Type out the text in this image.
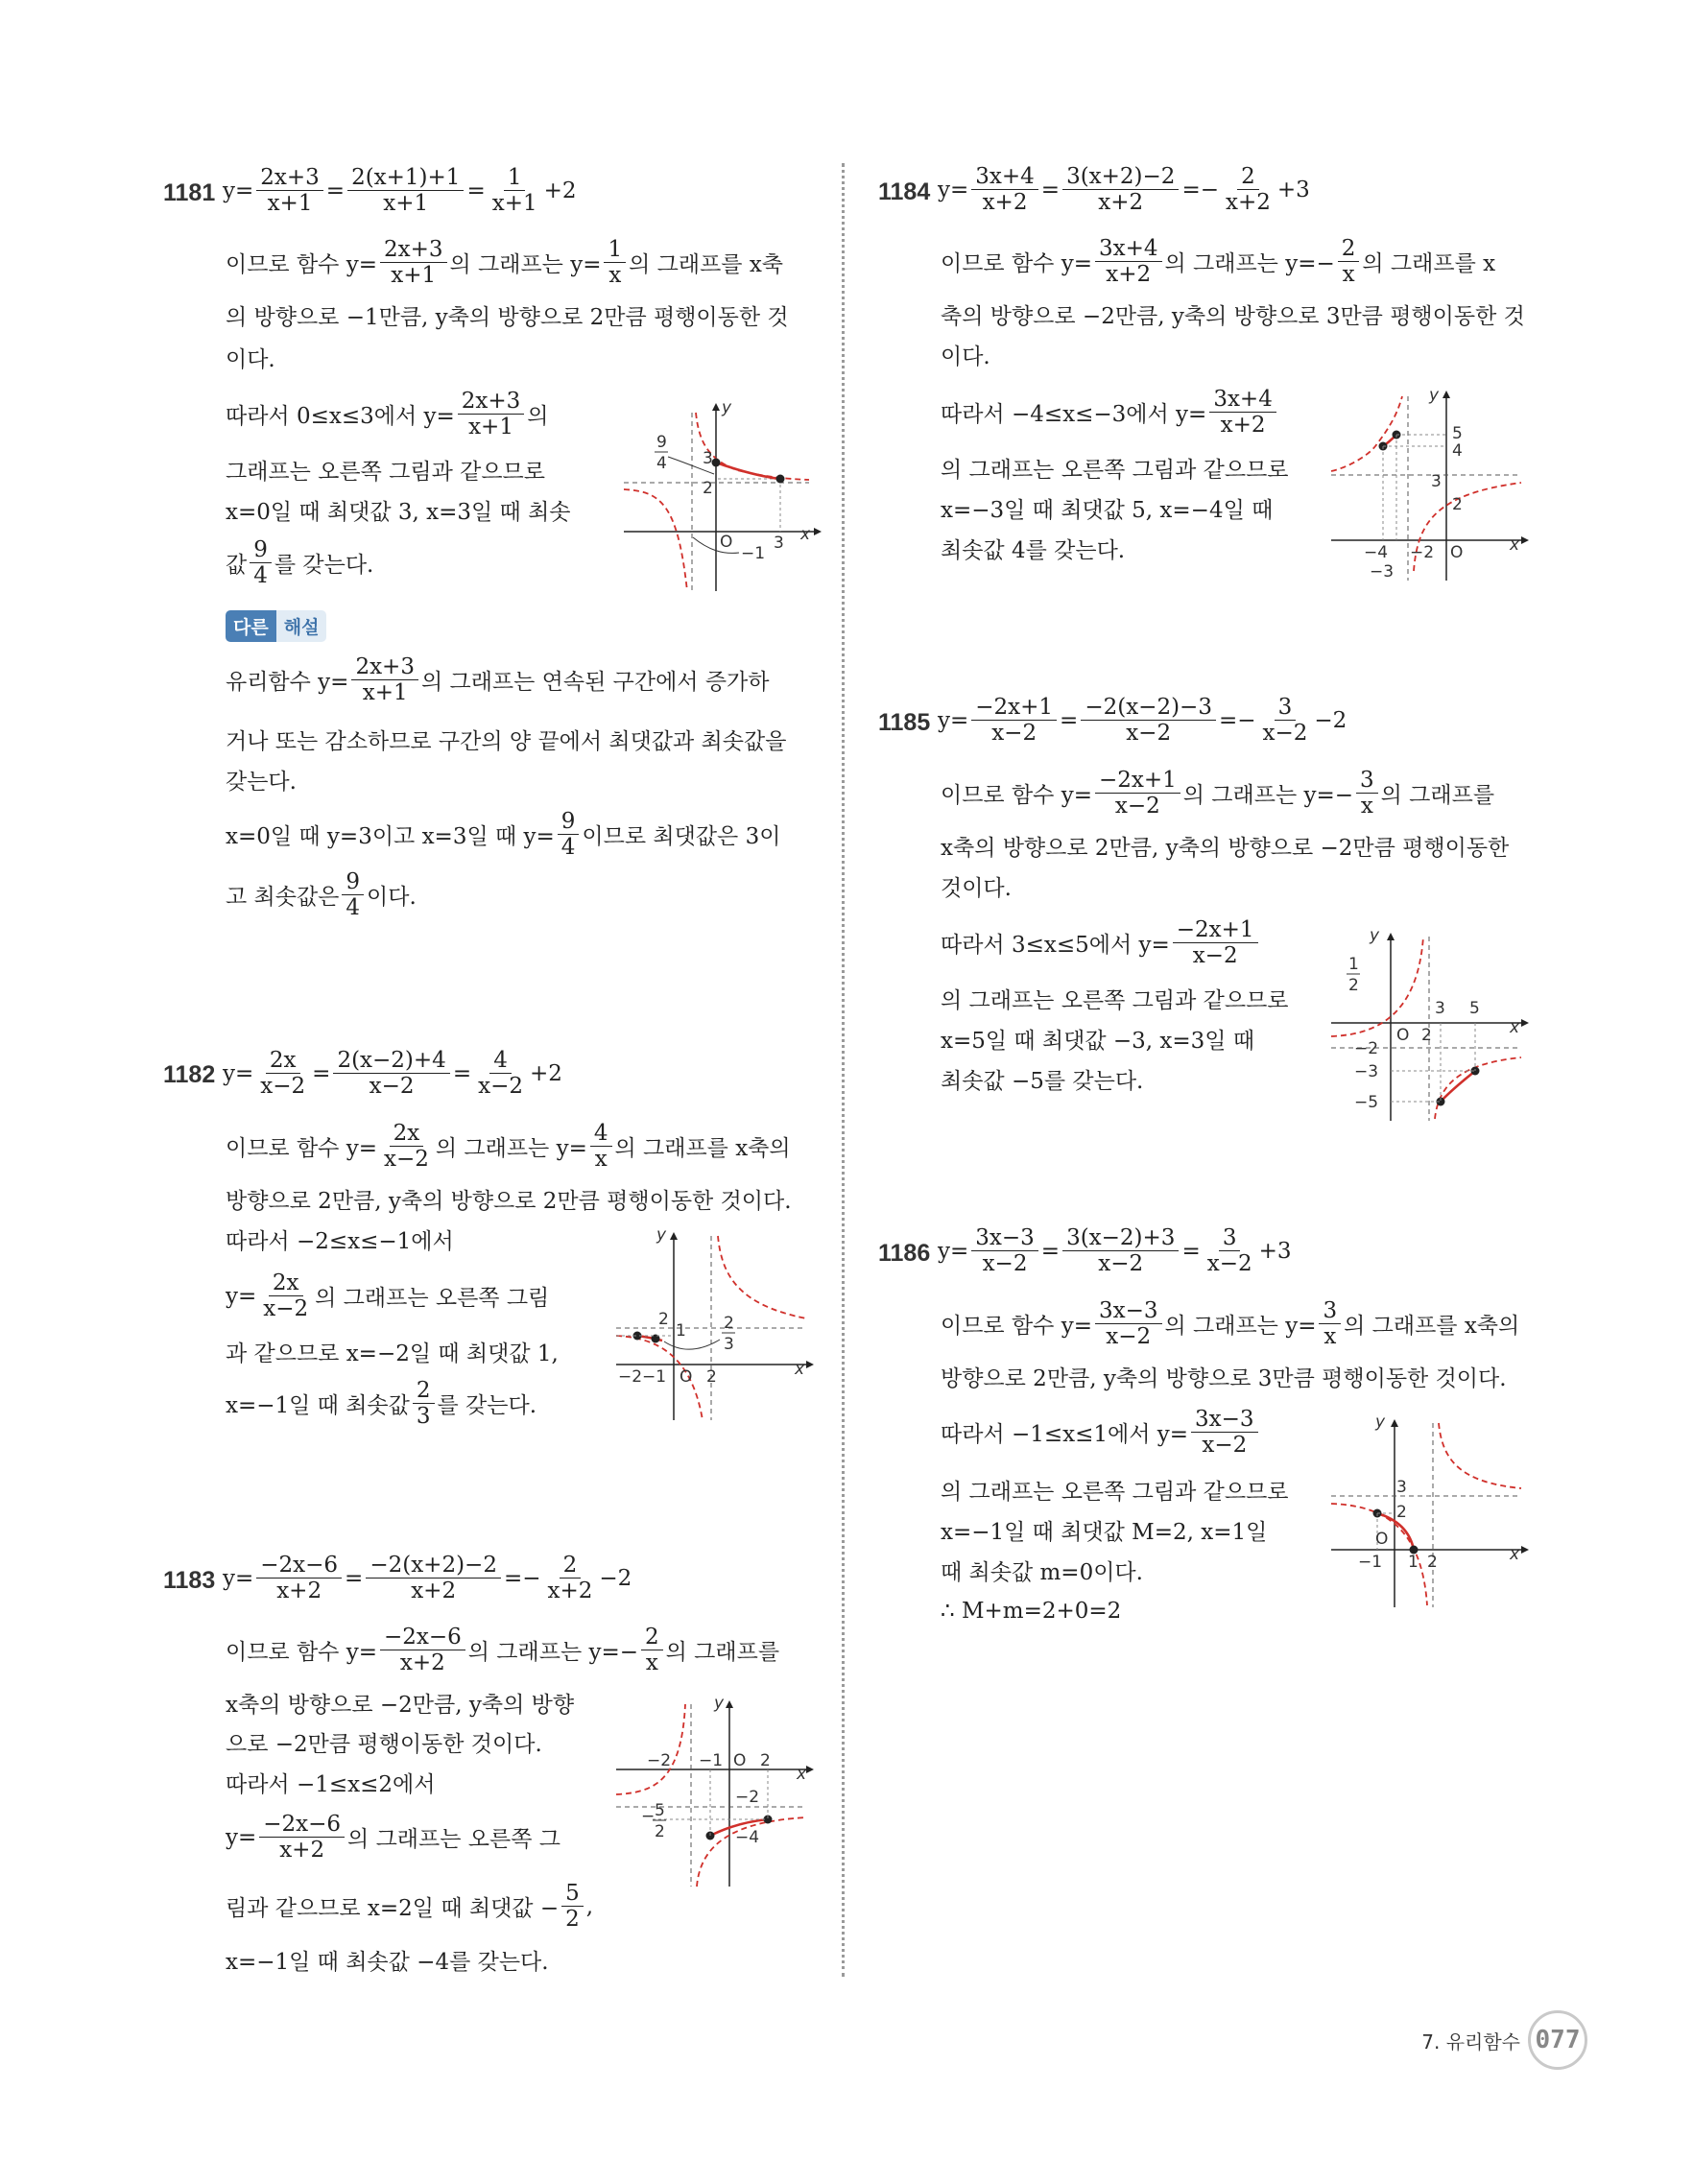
1181 $y= \frac{2x+3}{x+1} = \frac{2(x+1)+1}{x+1} = \frac{1}{x+1} +2$
이므로 함수 $y= \frac{2x+3}{x+1}$ 의 그래프는 $y= \frac{1}{x}$ 의 그래프를 x축
의 방향으로 −1만큼, y축의 방향으로 2만큼 평행이동한 것
이다.
따라서 0≤x≤3에서 $y= \frac{2x+3}{x+1}$ 의
그래프는 오른쪽 그림과 같으므로
x=0일 때 최댓값 3, x=3일 때 최솟
값 $\frac{9}{4}$ 를 갖는다.
y
x
O
9
4 3
2
3
−1
다른 해설
유리함수 $y= \frac{2x+3}{x+1}$ 의 그래프는 연속된 구간에서 증가하
거나 또는 감소하므로 구간의 양 끝에서 최댓값과 최솟값을
갖는다.
x=0일 때 y=3이고 x=3일 때 $y= \frac{9}{4}$ 이므로 최댓값은 3이
고 최솟값은 $\frac{9}{4}$ 이다.
1182 $y= \frac{2x}{x-2} = \frac{2(x-2)+4}{x-2} = \frac{4}{x-2} +2$
이므로 함수 $y= \frac{2x}{x-2}$ 의 그래프는 $y= \frac{4}{x}$ 의 그래프를 x축의
방향으로 2만큼, y축의 방향으로 2만큼 평행이동한 것이다.
따라서 −2≤x≤−1에서
$y= \frac{2x}{x-2}$ 의 그래프는 오른쪽 그림
과 같으므로 x=−2일 때 최댓값 1,
x=−1일 때 최솟값 $\frac{2}{3}$ 를 갖는다.
y
x
O
2
1 2
3
−2−1 2
1183 $y= \frac{-2x-6}{x+2} = \frac{-2(x+2)-2}{x+2} =- \frac{2}{x+2} -2$
이므로 함수 $y= \frac{-2x-6}{x+2}$ 의 그래프는 $y=- \frac{2}{x}$ 의 그래프를
x축의 방향으로 −2만큼, y축의 방향
으로 −2만큼 평행이동한 것이다.
따라서 −1≤x≤2에서
$y= \frac{-2x-6}{x+2}$ 의 그래프는 오른쪽 그
림과 같으므로 x=2일 때 최댓값 − $\frac{5}{2}$ ,
x=−1일 때 최솟값 −4를 갖는다.
y
x
O
−2 −1 2
−2
− 5
2	−4
1184 $y= \frac{3x+4}{x+2} = \frac{3(x+2)-2}{x+2} =- \frac{2}{x+2} +3$
이므로 함수 $y= \frac{3x+4}{x+2}$ 의 그래프는 $y=- \frac{2}{x}$ 의 그래프를 x
축의 방향으로 −2만큼, y축의 방향으로 3만큼 평행이동한 것
이다.
따라서 −4≤x≤−3에서 $y= \frac{3x+4}{x+2}$
의 그래프는 오른쪽 그림과 같으므로
x=−3일 때 최댓값 5, x=−4일 때
최솟값 4를 갖는다.
y
x
O
5
4
3
2
−4 −2
−3
1185 $y= \frac{-2x+1}{x-2} = \frac{-2(x-2)-3}{x-2} =- \frac{3}{x-2} -2$
이므로 함수 $y= \frac{-2x+1}{x-2}$ 의 그래프는 $y=- \frac{3}{x}$ 의 그래프를
x축의 방향으로 2만큼, y축의 방향으로 −2만큼 평행이동한
것이다.
따라서 3≤x≤5에서 $y= \frac{-2x+1}{x-2}$
의 그래프는 오른쪽 그림과 같으므로
x=5일 때 최댓값 −3, x=3일 때
최솟값 −5를 갖는다.
y
x
O
1
2
2
3 5
−2
−3
−5
1186 $y= \frac{3x-3}{x-2} = \frac{3(x-2)+3}{x-2} = \frac{3}{x-2} +3$
이므로 함수 $y= \frac{3x-3}{x-2}$ 의 그래프는 $y= \frac{3}{x}$ 의 그래프를 x축의
방향으로 2만큼, y축의 방향으로 3만큼 평행이동한 것이다.
따라서 −1≤x≤1에서 $y= \frac{3x-3}{x-2}$
의 그래프는 오른쪽 그림과 같으므로
x=−1일 때 최댓값 M=2, x=1일
때 최솟값 m=0이다.
∴ M+m=2+0=2
y
x
O
3
2
−1 1 2
7. 유리함수 077
